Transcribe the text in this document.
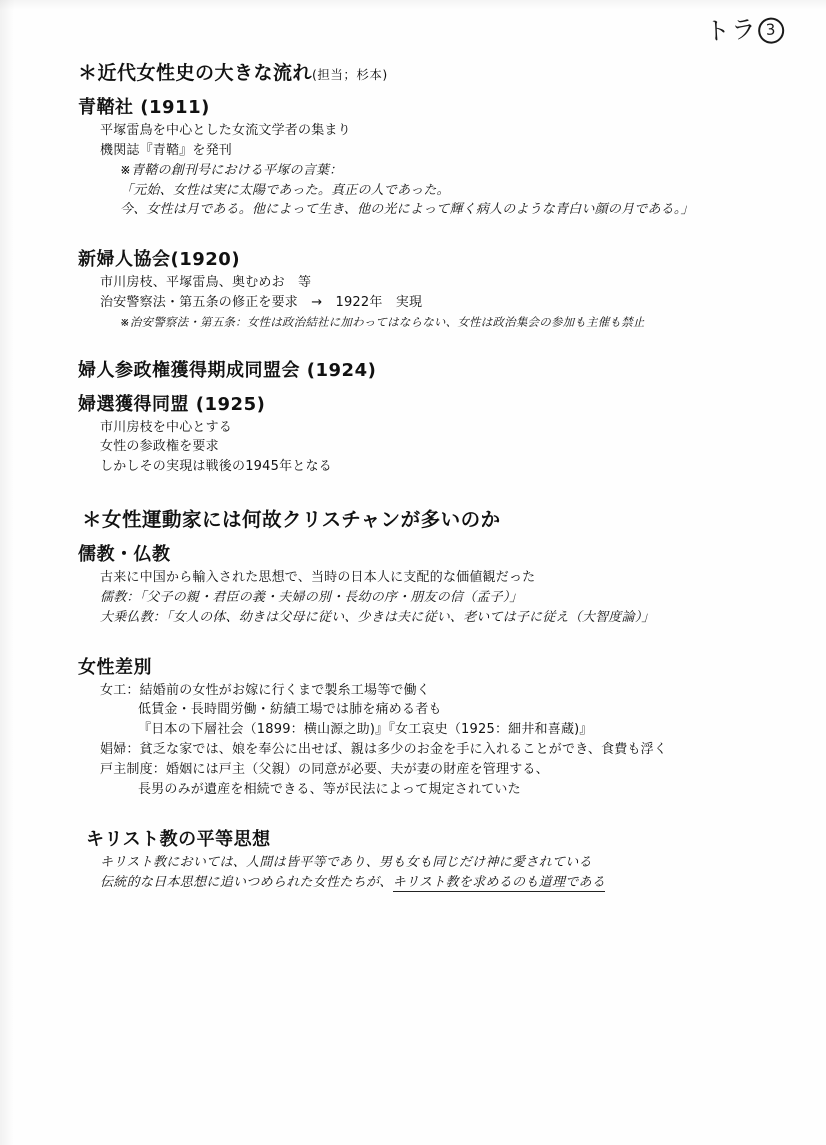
トラ 3
＊近代女性史の大きな流れ(担当；杉本)
青鞜社 (1911)
平塚雷鳥を中心とした女流文学者の集まり
機関誌『青鞜』を発刊
※青鞜の創刊号における平塚の言葉：
「元始、女性は実に太陽であった。真正の人であった。
今、女性は月である。他によって生き、他の光によって輝く病人のような青白い顔の月である。」
新婦人協会(1920)
市川房枝、平塚雷鳥、奥むめお　等
治安警察法・第五条の修正を要求　→　1922年　実現
※治安警察法・第五条：女性は政治結社に加わってはならない、女性は政治集会の参加も主催も禁止
婦人参政権獲得期成同盟会 (1924)
婦選獲得同盟 (1925)
市川房枝を中心とする
女性の参政権を要求
しかしその実現は戦後の1945年となる
＊女性運動家には何故クリスチャンが多いのか
儒教・仏教
古来に中国から輸入された思想で、当時の日本人に支配的な価値観だった
儒教：「父子の親・君臣の義・夫婦の別・長幼の序・朋友の信（孟子）」
大乗仏教：「女人の体、幼きは父母に従い、少きは夫に従い、老いては子に従え（大智度論）」
女性差別
女工：結婚前の女性がお嫁に行くまで製糸工場等で働く
低賃金・長時間労働・紡績工場では肺を痛める者も
『日本の下層社会（1899：横山源之助)』『女工哀史（1925：細井和喜蔵)』
娼婦：貧乏な家では、娘を奉公に出せば、親は多少のお金を手に入れることができ、食費も浮く
戸主制度：婚姻には戸主（父親）の同意が必要、夫が妻の財産を管理する、
長男のみが遺産を相続できる、等が民法によって規定されていた
キリスト教の平等思想
キリスト教においては、人間は皆平等であり、男も女も同じだけ神に愛されている
伝統的な日本思想に追いつめられた女性たちが、キリスト教を求めるのも道理である
